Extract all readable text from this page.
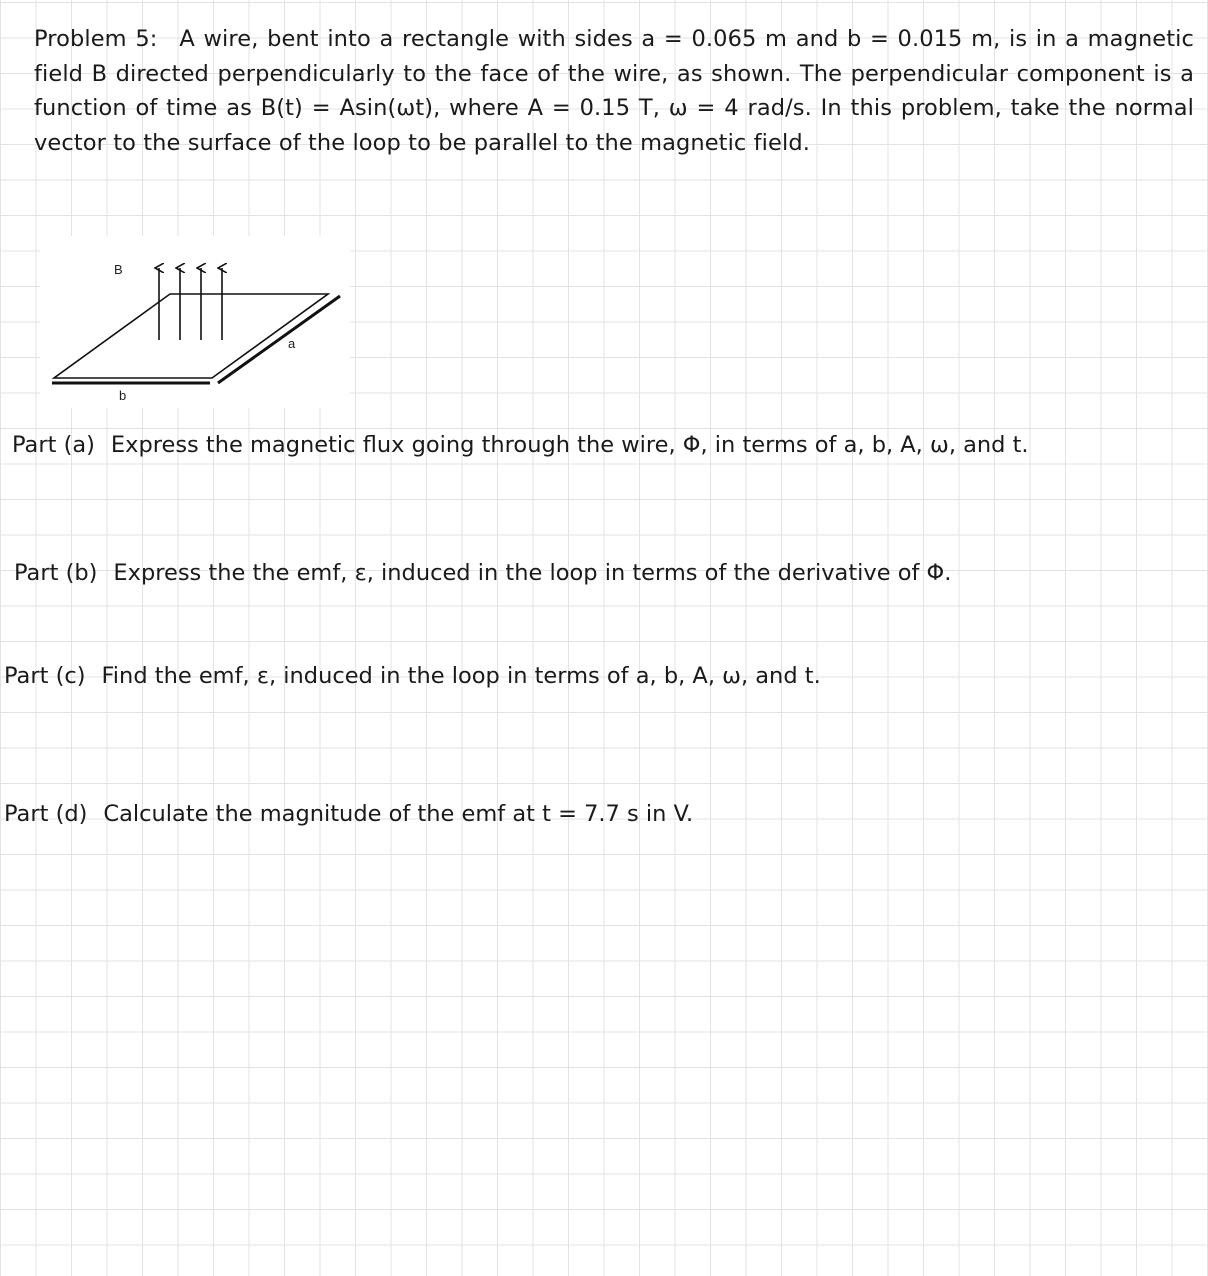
Problem 5: A wire, bent into a rectangle with sides a = 0.065 m and b = 0.015 m, is in a magnetic field B directed perpendicularly to the face of the wire, as shown. The perpendicular component is a function of time as B(t) = Asin(ωt), where A = 0.15 T, ω = 4 rad/s. In this problem, take the normal vector to the surface of the loop to be parallel to the magnetic field.
B
a
b
Part (a) Express the magnetic flux going through the wire, Φ, in terms of a, b, A, ω, and t.
Part (b) Express the the emf, ε, induced in the loop in terms of the derivative of Φ.
Part (c) Find the emf, ε, induced in the loop in terms of a, b, A, ω, and t.
Part (d) Calculate the magnitude of the emf at t = 7.7 s in V.
